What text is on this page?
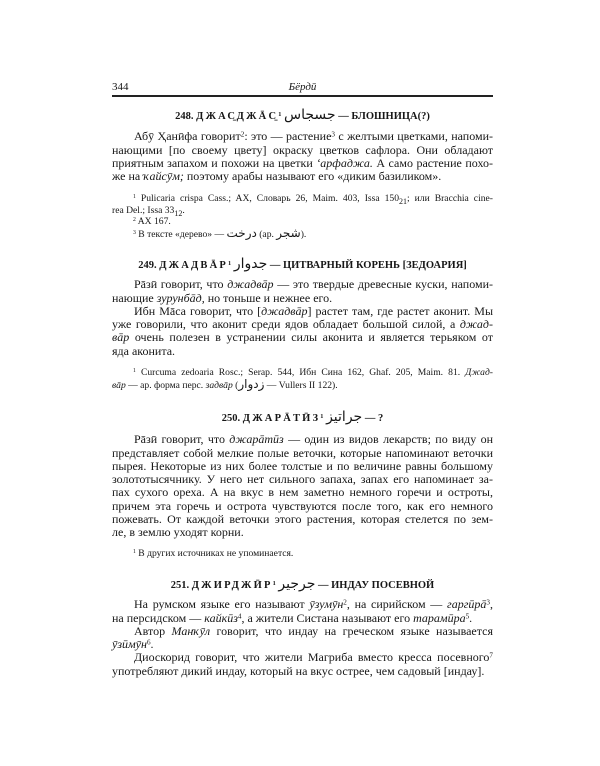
344	Бёрдӣ
248. ДЖАС̱ДЖĀС̱$^1$ جسجاس — БЛОШНИЦА(?)
Абӯ Ҳанӣфа говорит$^2$: это — растение$^3$ с желтыми цветками, напоми-
нающими [по своему цвету] окраску цветков сафлора. Они обладают
приятным запахом и похожи на цветки ʻарфаджа. А само растение похо-
же на ҡайсӯм; поэтому арабы называют его «диким базиликом».
$^1$ Pulicaria crispa Cass.; AX, Словарь 26, Maim. 403, Issa $150_{21}$; или Bracchia cine-
rea Del.; Issa $33_{12}$.
$^2$ AX 167.
$^3$ В тексте «дерево» — درخت (ар. شجر).
249. ДЖАДВĀР$^1$ جدوار — ЦИТВАРНЫЙ КОРЕНЬ [ЗЕДОАРИЯ]
Рāзӣ говорит, что джадвāр — это твердые древесные куски, напоми-
нающие зурунбāд, но тоньше и нежнее его.
Ибн Мāса говорит, что [джадвāр] растет там, где растет аконит. Мы
уже говорили, что аконит среди ядов обладает большой силой, а джад-
вāр очень полезен в устранении силы аконита и является терьяком от
яда аконита.
$^1$ Curcuma zedoaria Rosc.; Serap. 544, Ибн Сина 162, Ghaf. 205, Maim. 81. Джад-
вāр — ар. форма перс. задвāр (زدوار — Vullers II 122).
250. ДЖАРĀТӢЗ$^1$ جراتيز — ?
Рāзӣ говорит, что джарāтӣз — один из видов лекарств; по виду он
представляет собой мелкие полые веточки, которые напоминают веточки
пырея. Некоторые из них более толстые и по величине равны большому
золототысячнику. У него нет сильного запаха, запах его напоминает за-
пах сухого ореха. А на вкус в нем заметно немного горечи и остроты,
причем эта горечь и острота чувствуются после того, как его немного
пожевать. От каждой веточки этого растения, которая стелется по зем-
ле, в землю уходят корни.
$^1$ В других источниках не упоминается.
251. ДЖИРДЖӢР$^1$ جرجير — ИНДАУ ПОСЕВНОЙ
На румском языке его называют ӯзумӯн$^2$, на сирийском — гаргӣрā$^3$,
на персидском — кайкӣз$^4$, а жители Систана называют его тарамӣра$^5$.
Автор Манҡӯл говорит, что индау на греческом языке называется
ӯзӣмӯн$^6$.
Диоскорид говорит, что жители Магриба вместо кресса посевного$^7$
употребляют дикий индау, который на вкус острее, чем садовый [индау].
